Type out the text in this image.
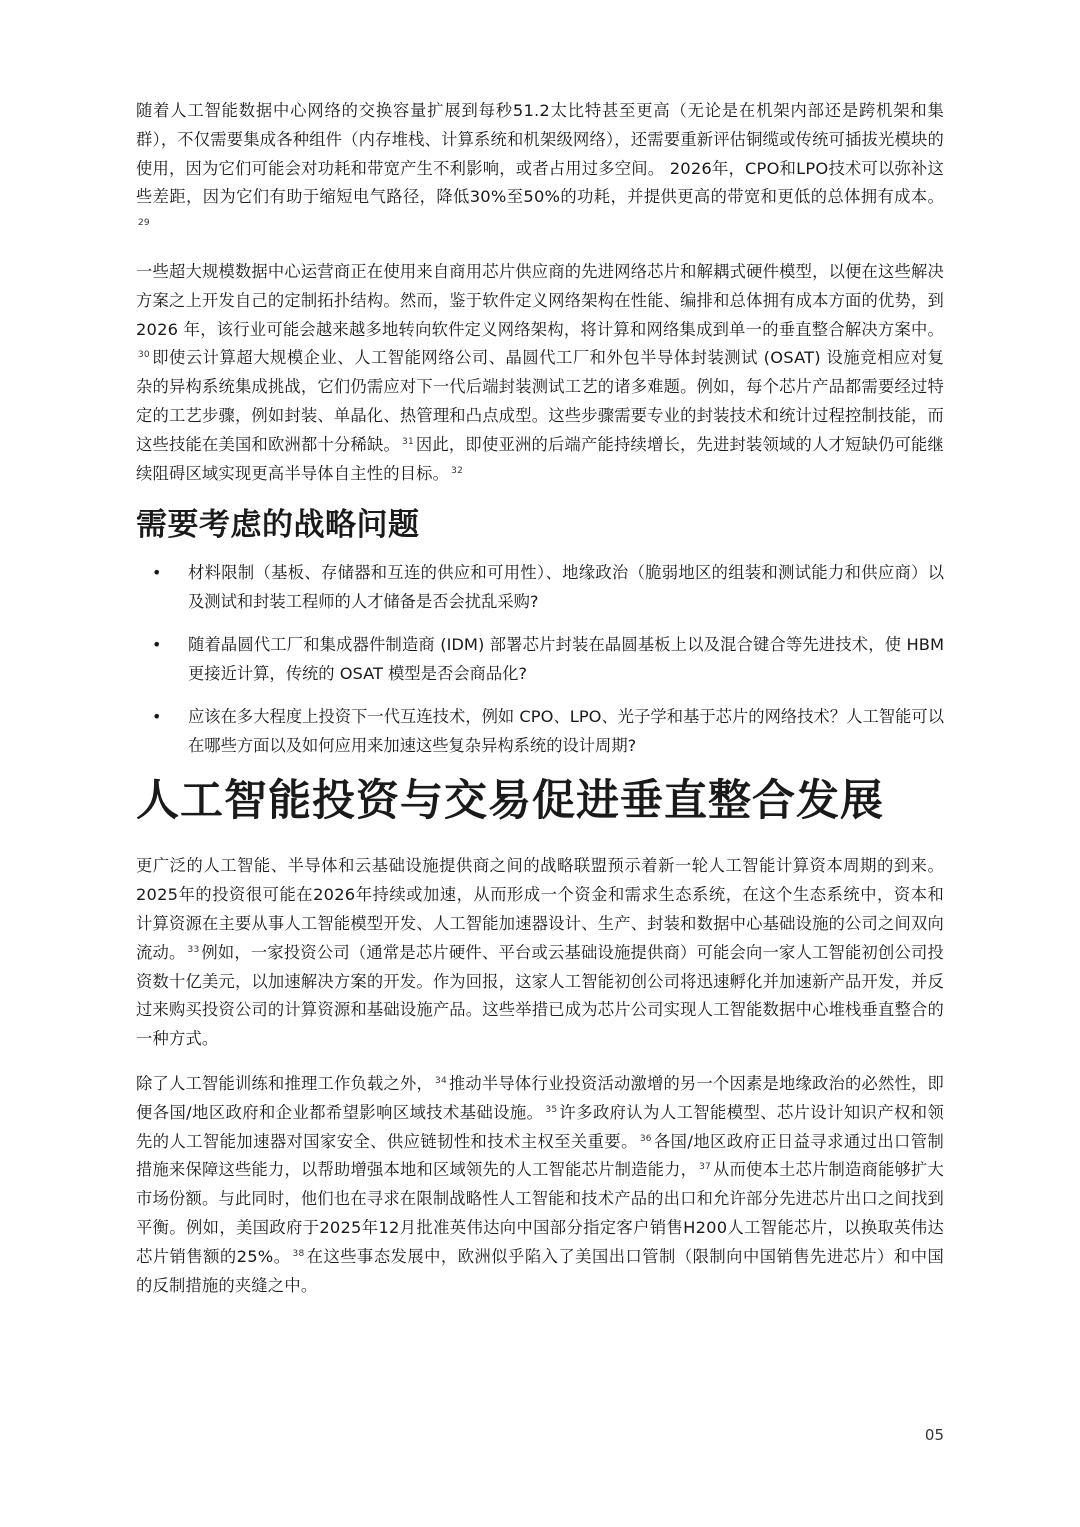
随着人工智能数据中心网络的交换容量扩展到每秒51.2太比特甚至更高（无论是在机架内部还是跨机架和集群），不仅需要集成各种组件（内存堆栈、计算系统和机架级网络），还需要重新评估铜缆或传统可插拔光模块的使用，因为它们可能会对功耗和带宽产生不利影响，或者占用过多空间。 2026年，CPO和LPO技术可以弥补这些差距，因为它们有助于缩短电气路径，降低30%至50%的功耗，并提供更高的带宽和更低的总体拥有成本。$^{29}$

一些超大规模数据中心运营商正在使用来自商用芯片供应商的先进网络芯片和解耦式硬件模型，以便在这些解决方案之上开发自己的定制拓扑结构。然而，鉴于软件定义网络架构在性能、编排和总体拥有成本方面的优势，到 2026 年，该行业可能会越来越多地转向软件定义网络架构，将计算和网络集成到单一的垂直整合解决方案中。$^{30}$ 即使云计算超大规模企业、人工智能网络公司、晶圆代工厂和外包半导体封装测试 (OSAT) 设施竞相应对复杂的异构系统集成挑战，它们仍需应对下一代后端封装测试工艺的诸多难题。例如，每个芯片产品都需要经过特定的工艺步骤，例如封装、单晶化、热管理和凸点成型。这些步骤需要专业的封装技术和统计过程控制技能，而这些技能在美国和欧洲都十分稀缺。 $^{31}$ 因此，即使亚洲的后端产能持续增长，先进封装领域的人才短缺仍可能继续阻碍区域实现更高半导体自主性的目标。 $^{32}$

需要考虑的战略问题
• 材料限制（基板、存储器和互连的供应和可用性）、地缘政治（脆弱地区的组装和测试能力和供应商）以及测试和封装工程师的人才储备是否会扰乱采购?
• 随着晶圆代工厂和集成器件制造商 (IDM) 部署芯片封装在晶圆基板上以及混合键合等先进技术，使 HBM 更接近计算，传统的 OSAT 模型是否会商品化?
• 应该在多大程度上投资下一代互连技术，例如 CPO、LPO、光子学和基于芯片的网络技术？人工智能可以在哪些方面以及如何应用来加速这些复杂异构系统的设计周期?
人工智能投资与交易促进垂直整合发展

更广泛的人工智能、半导体和云基础设施提供商之间的战略联盟预示着新一轮人工智能计算资本周期的到来。2025年的投资很可能在2026年持续或加速，从而形成一个资金和需求生态系统，在这个生态系统中，资本和计算资源在主要从事人工智能模型开发、人工智能加速器设计、生产、封装和数据中心基础设施的公司之间双向流动。 $^{33}$ 例如，一家投资公司（通常是芯片硬件、平台或云基础设施提供商）可能会向一家人工智能初创公司投资数十亿美元，以加速解决方案的开发。作为回报，这家人工智能初创公司将迅速孵化并加速新产品开发，并反过来购买投资公司的计算资源和基础设施产品。这些举措已成为芯片公司实现人工智能数据中心堆栈垂直整合的一种方式。

除了人工智能训练和推理工作负载之外， $^{34}$ 推动半导体行业投资活动激增的另一个因素是地缘政治的必然性，即便各国/地区政府和企业都希望影响区域技术基础设施。 $^{35}$ 许多政府认为人工智能模型、芯片设计知识产权和领先的人工智能加速器对国家安全、供应链韧性和技术主权至关重要。 $^{36}$ 各国/地区政府正日益寻求通过出口管制措施来保障这些能力，以帮助增强本地和区域领先的人工智能芯片制造能力， $^{37}$ 从而使本土芯片制造商能够扩大市场份额。与此同时，他们也在寻求在限制战略性人工智能和技术产品的出口和允许部分先进芯片出口之间找到平衡。例如，美国政府于2025年12月批准英伟达向中国部分指定客户销售H200人工智能芯片，以换取英伟达芯片销售额的25%。 $^{38}$ 在这些事态发展中，欧洲似乎陷入了美国出口管制（限制向中国销售先进芯片）和中国的反制措施的夹缝之中。

05
